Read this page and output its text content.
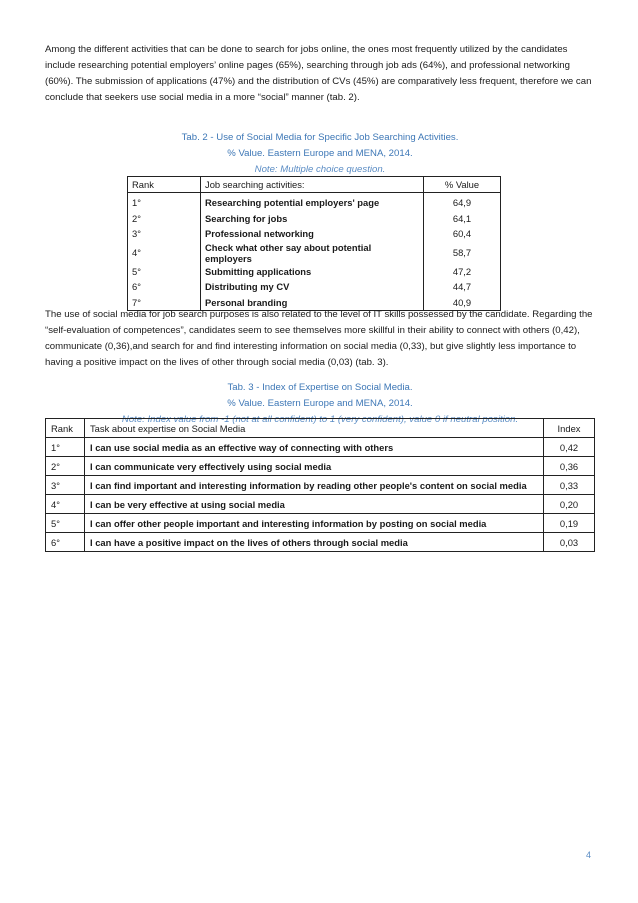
Among the different activities that can be done to search for jobs online, the ones most frequently utilized by the candidates include researching potential employers’ online pages (65%), searching through job ads (64%), and professional networking (60%). The submission of applications (47%) and the distribution of CVs (45%) are comparatively less frequent, therefore we can conclude that seekers use social media in a more “social” manner (tab. 2).

Tab. 2 - Use of Social Media for Specific Job Searching Activities.
% Value. Eastern Europe and MENA, 2014.
Note: Multiple choice question.
Rank	Job searching activities:	% Value
1°	Researching potential employers' page	64,9
2°	Searching for jobs	64,1
3°	Professional networking	60,4
4°	Check what other say about potential employers	58,7
5°	Submitting applications	47,2
6°	Distributing my CV	44,7
7°	Personal branding	40,9

The use of social media for job search purposes is also related to the level of IT skills possessed by the candidate. Regarding the “self-evaluation of competences”, candidates seem to see themselves more skillful in their ability to connect with others (0,42), communicate (0,36),and search for and find interesting information on social media (0,33), but give slightly less importance to having a positive impact on the lives of other through social media (0,03) (tab. 3).

Tab. 3 - Index of Expertise on Social Media.
% Value. Eastern Europe and MENA, 2014.
Note: Index value from -1 (not at all confident) to 1 (very confident), value 0 if neutral position.
Rank	Task about expertise on Social Media	Index
1°	I can use social media as an effective way of connecting with others	0,42
2°	I can communicate very effectively using social media	0,36
3°	I can find important and interesting information by reading other people's content on social media	0,33
4°	I can be very effective at using social media	0,20
5°	I can offer other people important and interesting information by posting on social media	0,19
6°	I can have a positive impact on the lives of others through social media	0,03
4
